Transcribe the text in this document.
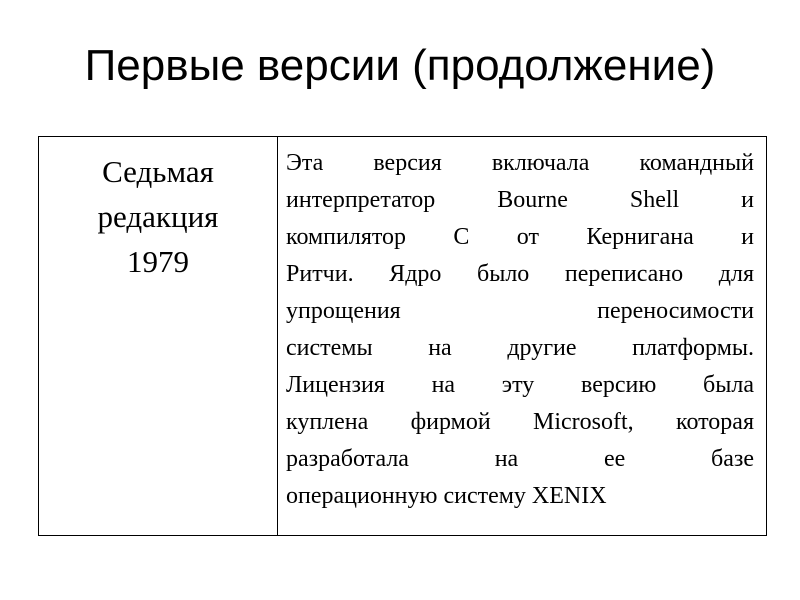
Первые версии (продолжение)
Седьмая
редакция
1979
Эта версия включала командный
интерпретатор Bourne Shell и
компилятор C от Кернигана и
Ритчи. Ядро было переписано для
упрощения переносимости
системы на другие платформы.
Лицензия на эту версию была
куплена фирмой Microsoft, которая
разработала на ее базе
операционную систему XENIX
